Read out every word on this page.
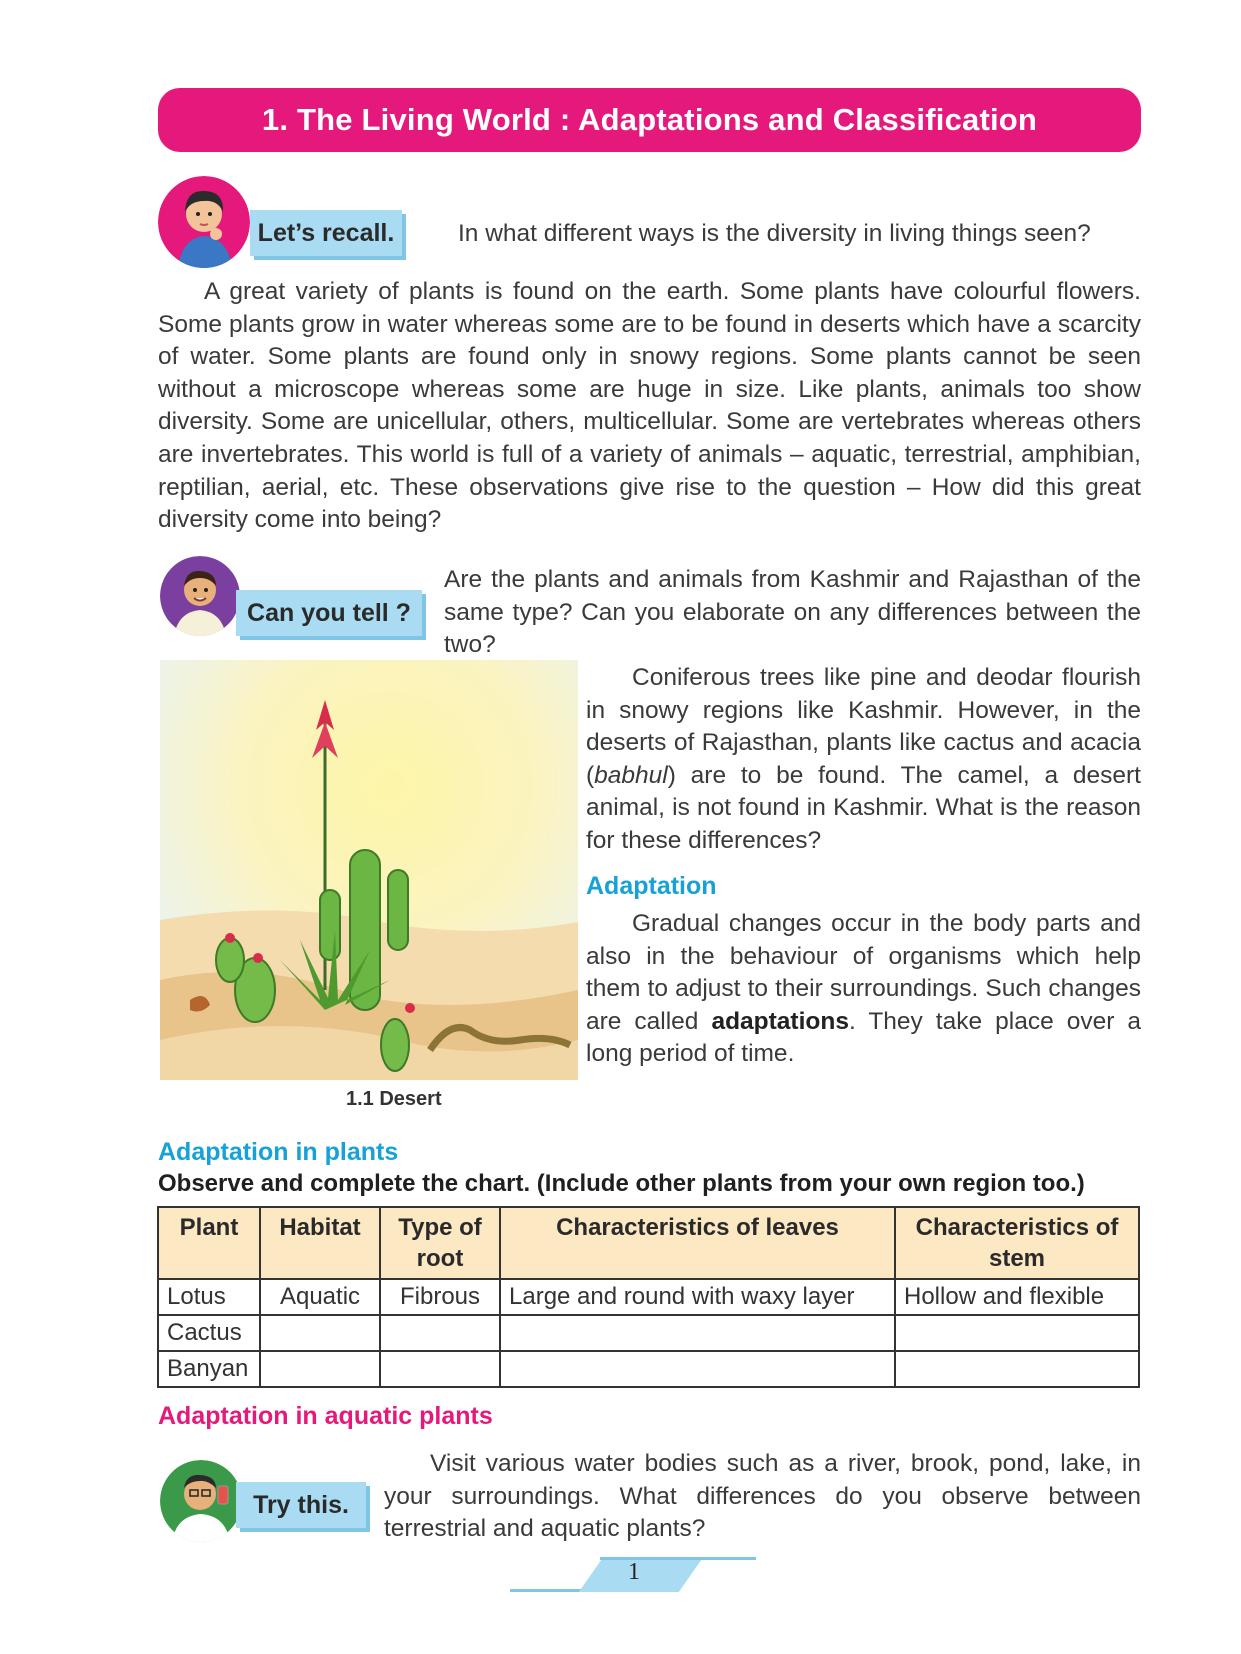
1. The Living World : Adaptations and Classification
Let’s recall.	In what different ways is the diversity in living things seen?

A great variety of plants is found on the earth. Some plants have colourful flowers. Some plants grow in water whereas some are to be found in deserts which have a scarcity of water. Some plants are found only in snowy regions. Some plants cannot be seen without a microscope whereas some are huge in size. Like plants, animals too show diversity. Some are unicellular, others, multicellular. Some are vertebrates whereas others are invertebrates. This world is full of a variety of animals – aquatic, terrestrial, amphibian, reptilian, aerial, etc. These observations give rise to the question – How did this great diversity come into being?

Can you tell ?

Are the plants and animals from Kashmir and Rajasthan of the same type? Can you elaborate on any differences between the two?

1.1 Desert

Coniferous trees like pine and deodar flourish in snowy regions like Kashmir. However, in the deserts of Rajasthan, plants like cactus and acacia (babhul) are to be found. The camel, a desert animal, is not found in Kashmir. What is the reason for these differences?

Adaptation

Gradual changes occur in the body parts and also in the behaviour of organisms which help them to adjust to their surroundings. Such changes are called adaptations. They take place over a long period of time.

Adaptation in plants
Observe and complete the chart. (Include other plants from your own region too.)
Plant	Habitat	Type of root	Characteristics of leaves	Characteristics of stem
Lotus	Aquatic	Fibrous	Large and round with waxy layer	Hollow and flexible
Cactus				
Banyan				
Adaptation in aquatic plants
Try this.

Visit various water bodies such as a river, brook, pond, lake, in your surroundings. What differences do you observe between terrestrial and aquatic plants?

1
